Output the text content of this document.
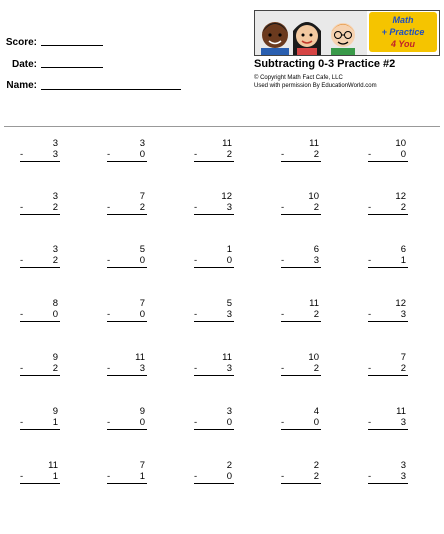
Score:
Date:
Name:
Math
+ Practice
4 You
Subtracting 0-3 Practice #2
© Copyright Math Fact Cafe, LLC
Used with permission By EducationWorld.com
3
-	3
3
-	0
11
-	2
11
-	2
10
-	0
3
-	2
7
-	2
12
-	3
10
-	2
12
-	2
3
-	2
5
-	0
1
-	0
6
-	3
6
-	1
8
-	0
7
-	0
5
-	3
11
-	2
12
-	3
9
-	2
11
-	3
11
-	3
10
-	2
7
-	2
9
-	1
9
-	0
3
-	0
4
-	0
11
-	3
11
-	1
7
-	1
2
-	0
2
-	2
3
-	3
